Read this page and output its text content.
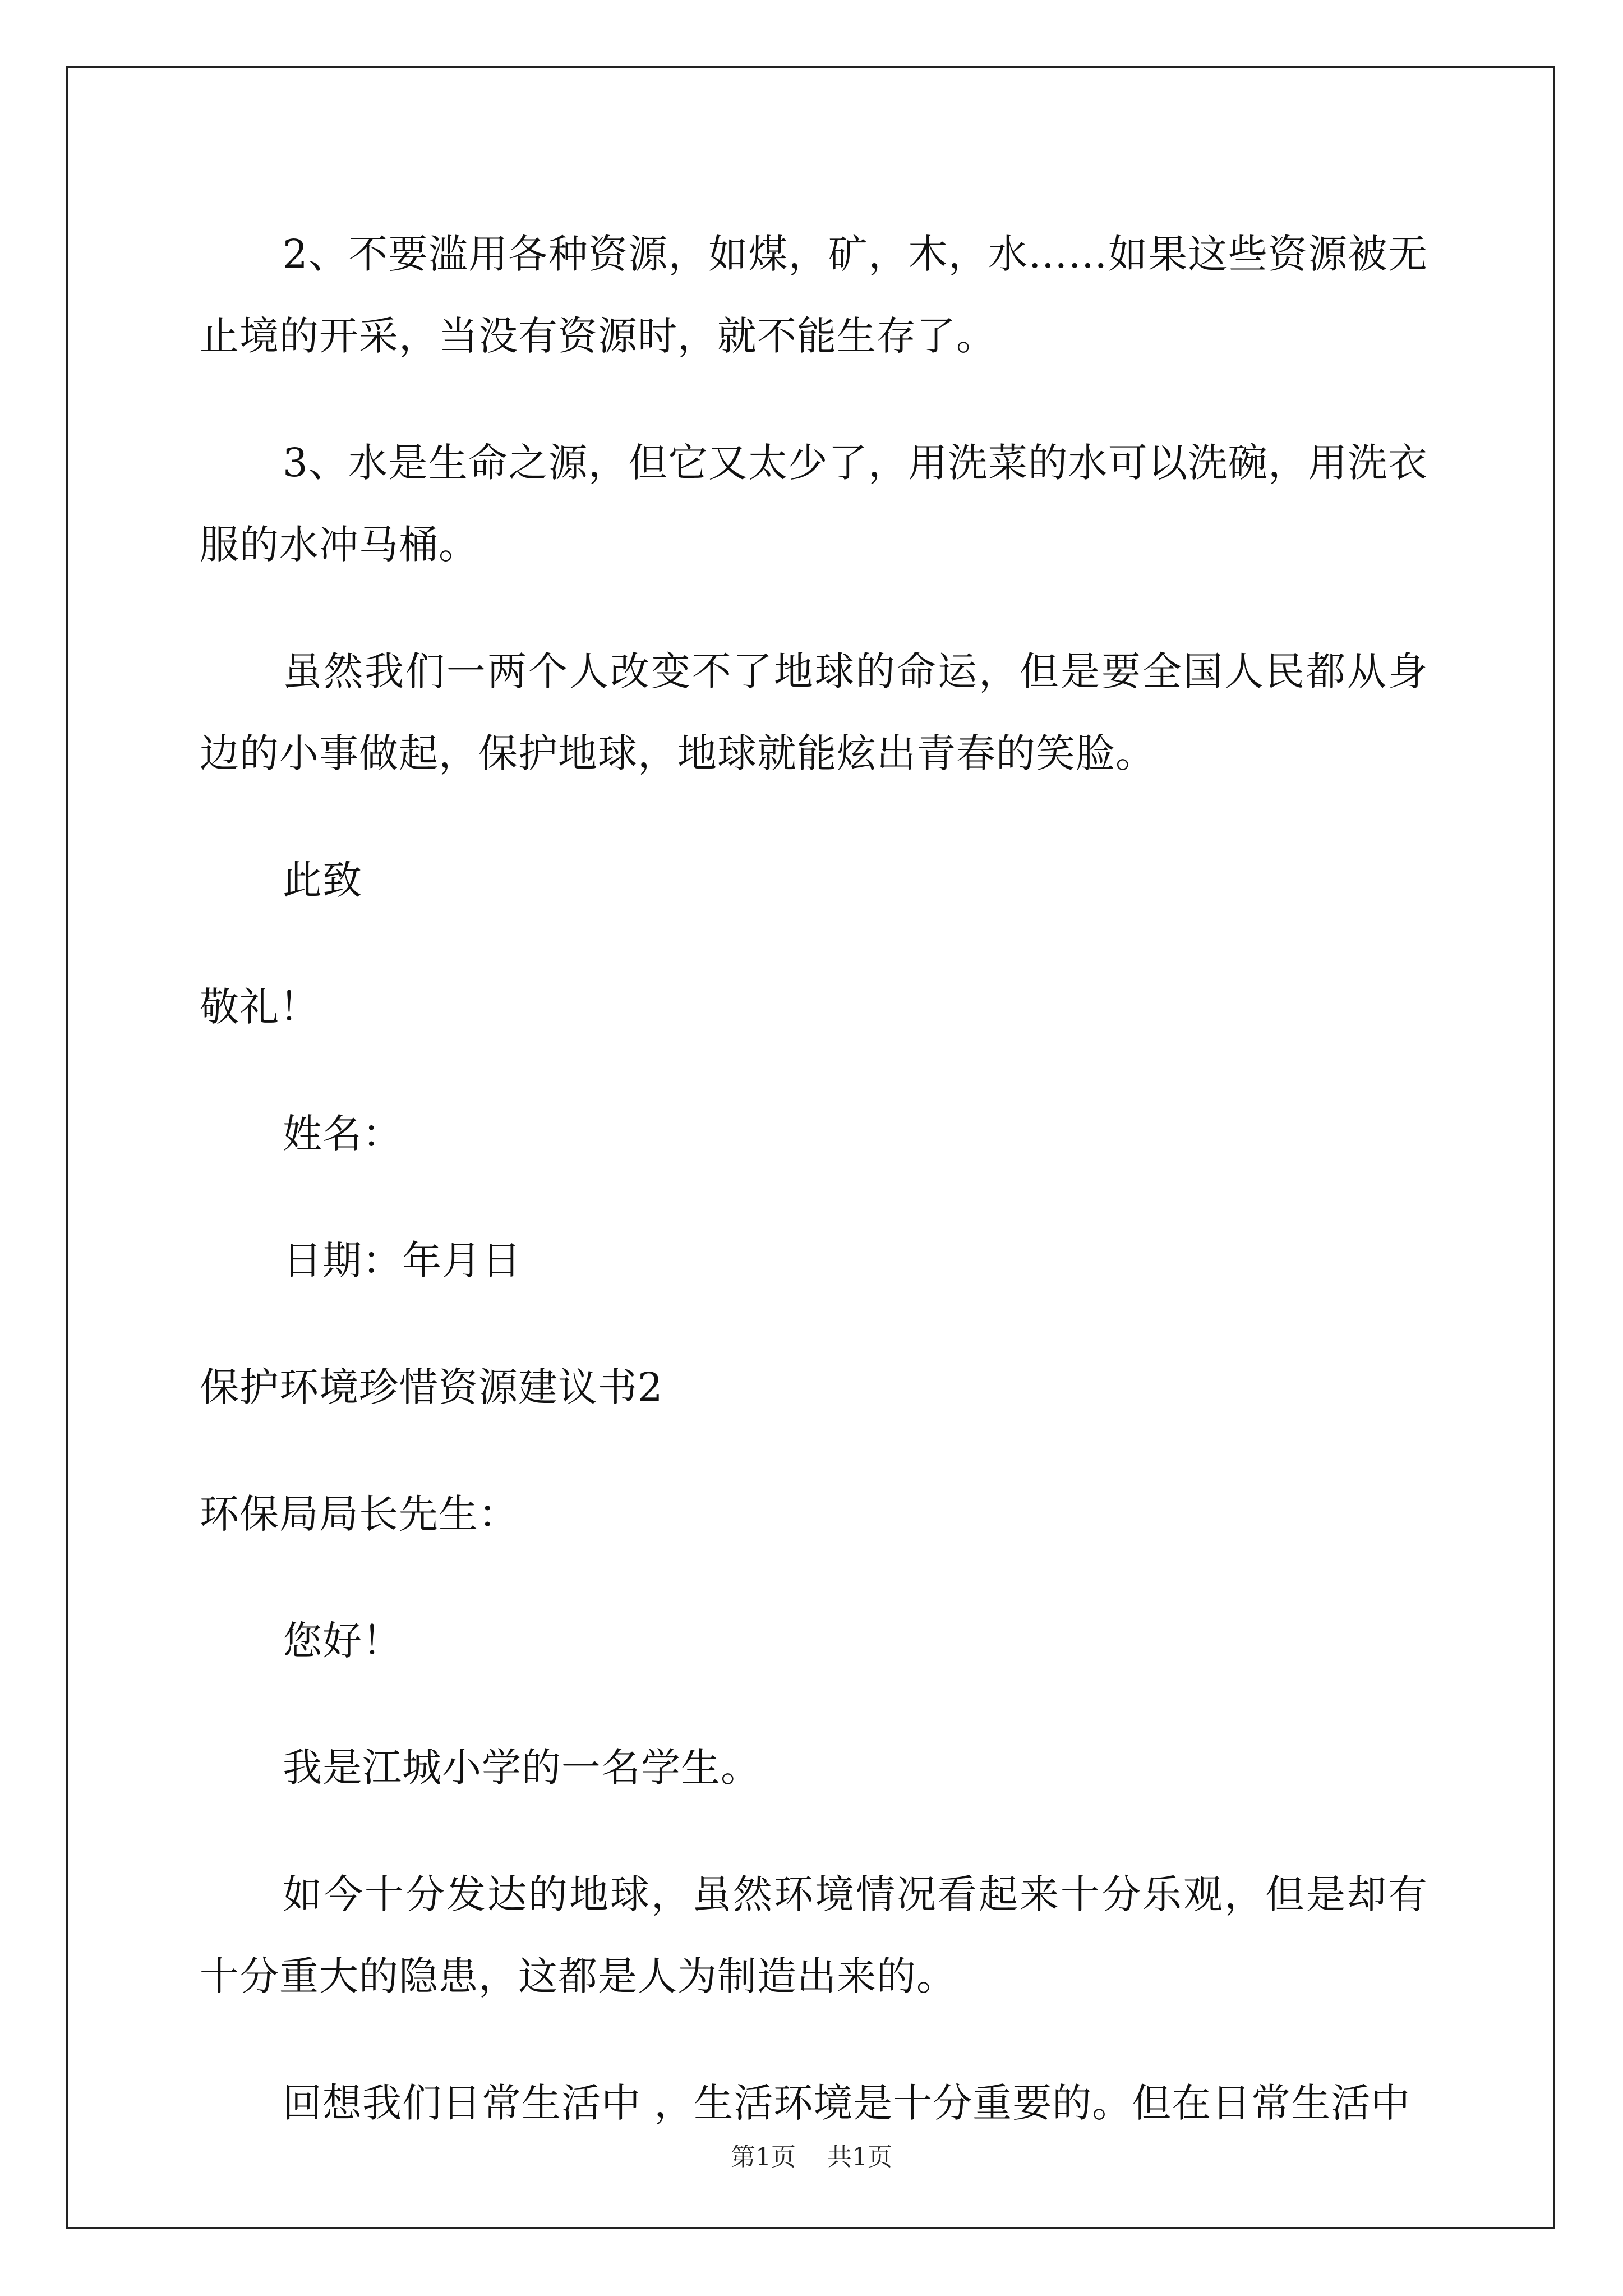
2、不要滥用各种资源，如煤，矿，木，水……如果这些资源被无止境的开采，当没有资源时，就不能生存了。

3、水是生命之源，但它又太少了，用洗菜的水可以洗碗，用洗衣服的水冲马桶。

虽然我们一两个人改变不了地球的命运，但是要全国人民都从身边的小事做起，保护地球，地球就能炫出青春的笑脸。

此致

敬礼！

姓名：

日期：年月日

保护环境珍惜资源建议书2

环保局局长先生：

您好！

我是江城小学的一名学生。

如今十分发达的地球，虽然环境情况看起来十分乐观，但是却有十分重大的隐患，这都是人为制造出来的。

回想我们日常生活中 ，生活环境是十分重要的。但在日常生活中

第1页 共1页
